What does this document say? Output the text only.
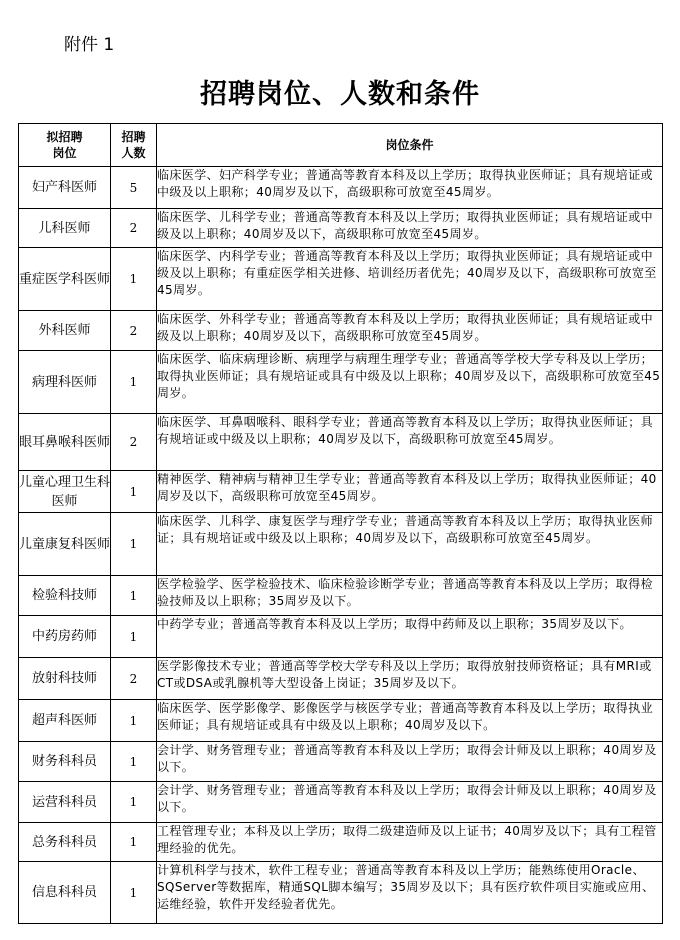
附件 1
招聘岗位、人数和条件
拟招聘岗位	招聘人数	岗位条件
妇产科医师	5	临床医学、妇产科学专业；普通高等教育本科及以上学历；取得执业医师证；具有规培证或中级及以上职称；40周岁及以下，高级职称可放宽至45周岁。
儿科医师	2	临床医学、儿科学专业；普通高等教育本科及以上学历；取得执业医师证；具有规培证或中级及以上职称；40周岁及以下，高级职称可放宽至45周岁。
重症医学科医师	1	临床医学、内科学专业；普通高等教育本科及以上学历；取得执业医师证；具有规培证或中级及以上职称；有重症医学相关进修、培训经历者优先；40周岁及以下，高级职称可放宽至45周岁。
外科医师	2	临床医学、外科学专业；普通高等教育本科及以上学历；取得执业医师证；具有规培证或中级及以上职称；40周岁及以下，高级职称可放宽至45周岁。
病理科医师	1	临床医学、临床病理诊断、病理学与病理生理学专业；普通高等学校大学专科及以上学历；取得执业医师证；具有规培证或具有中级及以上职称；40周岁及以下，高级职称可放宽至45周岁。
眼耳鼻喉科医师	2	临床医学、耳鼻咽喉科、眼科学专业；普通高等教育本科及以上学历；取得执业医师证；具有规培证或中级及以上职称；40周岁及以下，高级职称可放宽至45周岁。
儿童心理卫生科医师	1	精神医学、精神病与精神卫生学专业；普通高等教育本科及以上学历；取得执业医师证；40周岁及以下，高级职称可放宽至45周岁。
儿童康复科医师	1	临床医学、儿科学、康复医学与理疗学专业；普通高等教育本科及以上学历；取得执业医师证；具有规培证或中级及以上职称；40周岁及以下，高级职称可放宽至45周岁。
检验科技师	1	医学检验学、医学检验技术、临床检验诊断学专业；普通高等教育本科及以上学历；取得检验技师及以上职称；35周岁及以下。
中药房药师	1	中药学专业；普通高等教育本科及以上学历；取得中药师及以上职称；35周岁及以下。
放射科技师	2	医学影像技术专业；普通高等学校大学专科及以上学历；取得放射技师资格证；具有MRI或CT或DSA或乳腺机等大型设备上岗证；35周岁及以下。
超声科医师	1	临床医学、医学影像学、影像医学与核医学专业；普通高等教育本科及以上学历；取得执业医师证；具有规培证或具有中级及以上职称；40周岁及以下。
财务科科员	1	会计学、财务管理专业；普通高等教育本科及以上学历；取得会计师及以上职称；40周岁及以下。
运营科科员	1	会计学、财务管理专业；普通高等教育本科及以上学历；取得会计师及以上职称；40周岁及以下。
总务科科员	1	工程管理专业；本科及以上学历；取得二级建造师及以上证书；40周岁及以下；具有工程管理经验的优先。
信息科科员	1	计算机科学与技术，软件工程专业；普通高等教育本科及以上学历；能熟练使用Oracle、SQServer等数据库，精通SQL脚本编写；35周岁及以下；具有医疗软件项目实施或应用、运维经验，软件开发经验者优先。
